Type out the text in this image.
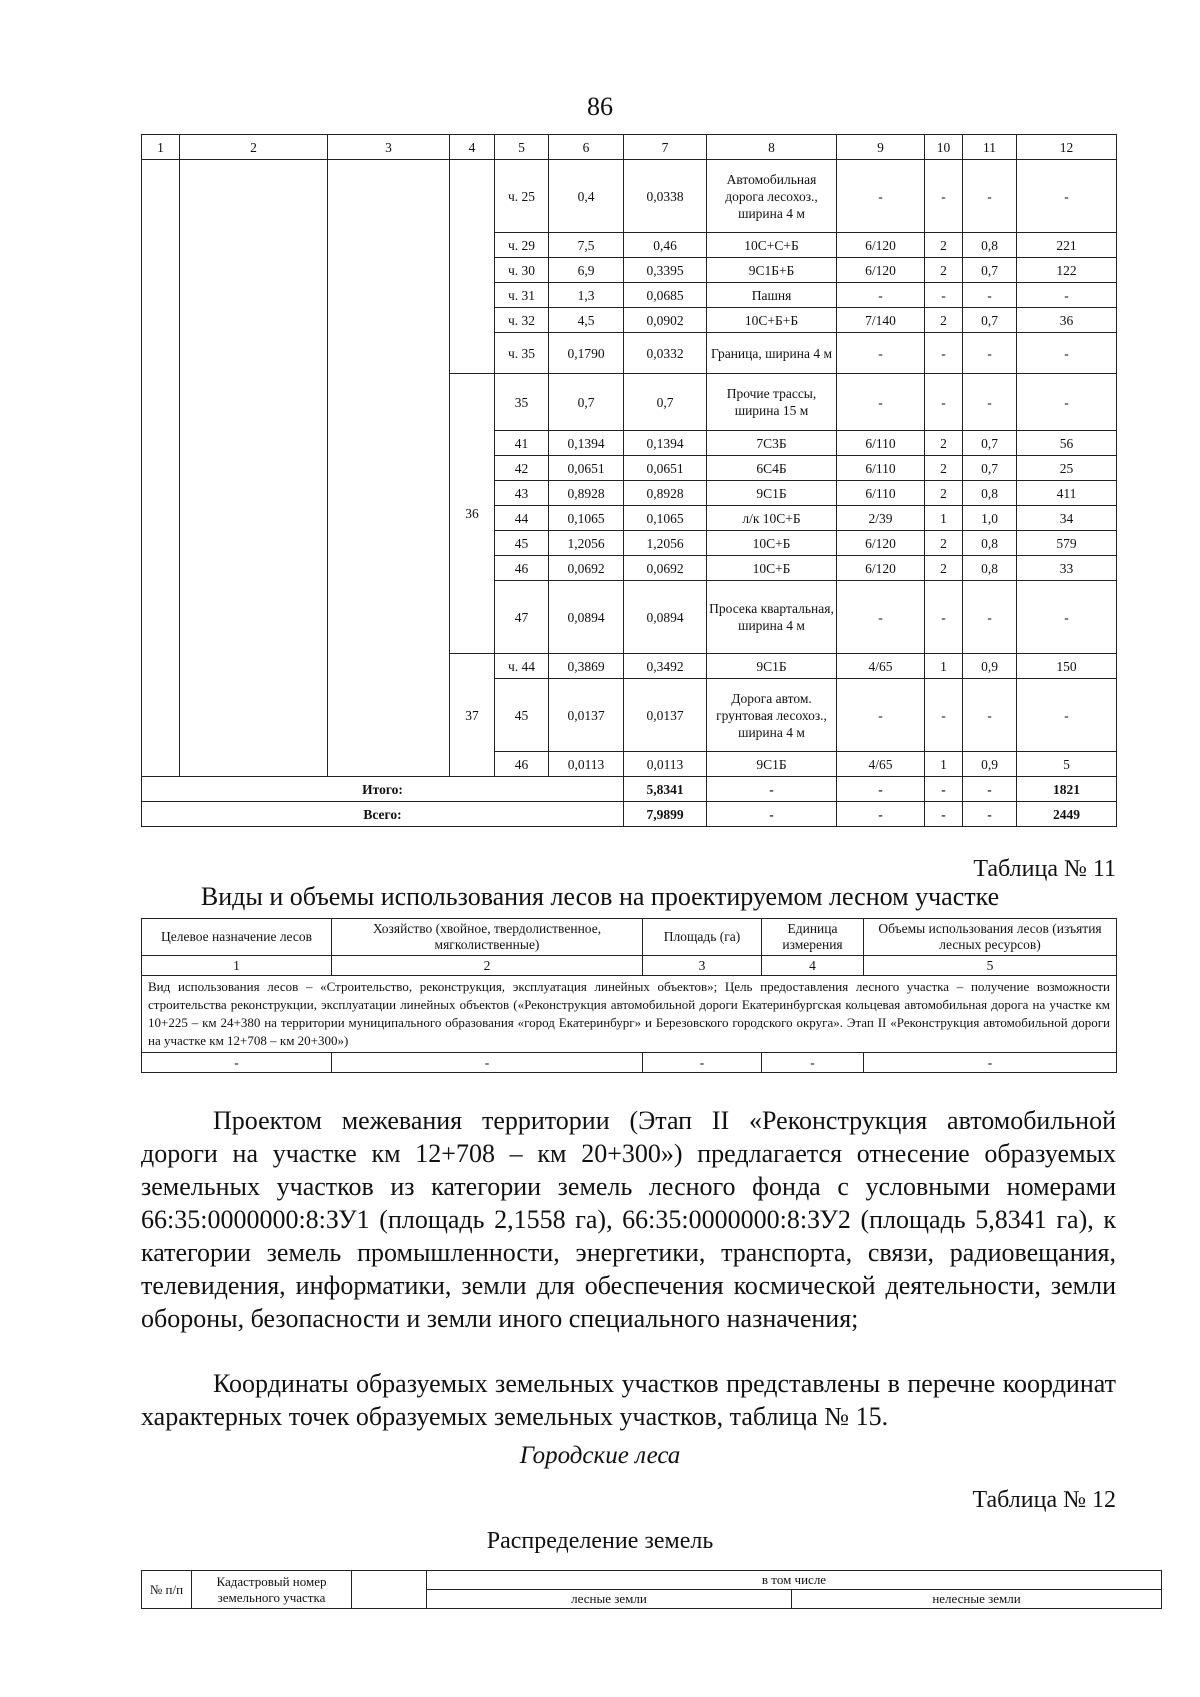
86
1	2	3	4	5	6	7	8	9	10	11	12
				ч. 25	0,4	0,0338	Автомобильная дорога лесохоз., ширина 4 м	-	-	-	-
				ч. 29	7,5	0,46	10С+С+Б	6/120	2	0,8	221
				ч. 30	6,9	0,3395	9С1Б+Б	6/120	2	0,7	122
				ч. 31	1,3	0,0685	Пашня	-	-	-	-
				ч. 32	4,5	0,0902	10С+Б+Б	7/140	2	0,7	36
				ч. 35	0,1790	0,0332	Граница, ширина 4 м	-	-	-	-
			36	35	0,7	0,7	Прочие трассы, ширина 15 м	-	-	-	-
				41	0,1394	0,1394	7С3Б	6/110	2	0,7	56
				42	0,0651	0,0651	6С4Б	6/110	2	0,7	25
				43	0,8928	0,8928	9С1Б	6/110	2	0,8	411
				44	0,1065	0,1065	л/к 10С+Б	2/39	1	1,0	34
				45	1,2056	1,2056	10С+Б	6/120	2	0,8	579
				46	0,0692	0,0692	10С+Б	6/120	2	0,8	33
				47	0,0894	0,0894	Просека квартальная, ширина 4 м	-	-	-	-
			37	ч. 44	0,3869	0,3492	9С1Б	4/65	1	0,9	150
				45	0,0137	0,0137	Дорога автом. грунтовая лесохоз., ширина 4 м	-	-	-	-
				46	0,0113	0,0113	9С1Б	4/65	1	0,9	5
Итого:						5,8341	-	-	-	-	1821
Всего:						7,9899	-	-	-	-	2449
Таблица № 11
Виды и объемы использования лесов на проектируемом лесном участке
Целевое назначение лесов	Хозяйство (хвойное, твердолиственное, мягколиственные)	Площадь (га)	Единица измерения	Объемы использования лесов (изъятия лесных ресурсов)
1	2	3	4	5
Вид использования лесов – «Строительство, реконструкция, эксплуатация линейных объектов»; Цель предоставления лесного участка – получение возможности строительства реконструкции, эксплуатации линейных объектов («Реконструкция автомобильной дороги Екатеринбургская кольцевая автомобильная дорога на участке км 10+225 – км 24+380 на территории муниципального образования «город Екатеринбург» и Березовского городского округа». Этап II «Реконструкция автомобильной дороги на участке км 12+708 – км 20+300»)				
-	-	-	-	-

Проектом межевания территории (Этап II «Реконструкция автомобильной дороги на участке км 12+708 – км 20+300») предлагается отнесение образуемых земельных участков из категории земель лесного фонда с условными номерами 66:35:0000000:8:ЗУ1 (площадь 2,1558 га), 66:35:0000000:8:ЗУ2 (площадь 5,8341 га), к категории земель промышленности, энергетики, транспорта, связи, радиовещания, телевидения, информатики, земли для обеспечения космической деятельности, земли обороны, безопасности и земли иного специального назначения;

Координаты образуемых земельных участков представлены в перечне координат характерных точек образуемых земельных участков, таблица № 15.

Городские леса
Таблица № 12
Распределение земель
№ п/п	Кадастровый номер земельного участка		в том числе	
			лесные земли	нелесные земли
